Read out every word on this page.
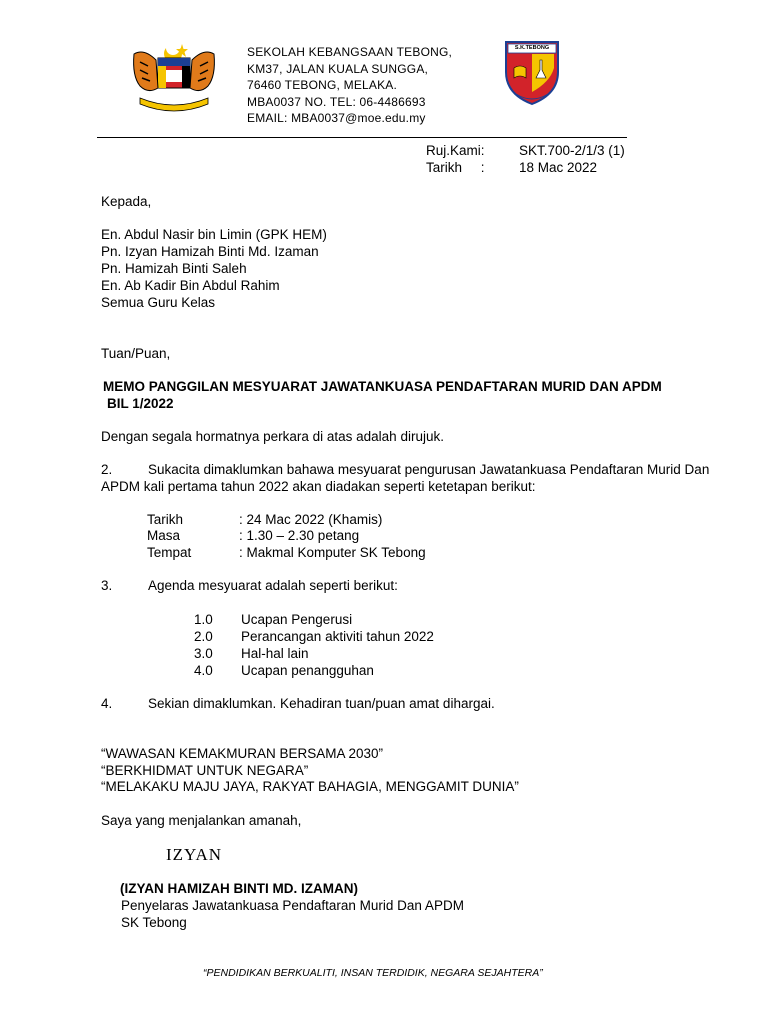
SEKOLAH KEBANGSAAN TEBONG,
KM37, JALAN KUALA SUNGGA,
76460 TEBONG, MELAKA.
MBA0037 NO. TEL: 06-4486693
EMAIL: MBA0037@moe.edu.my
S.K.TEBONG
Ruj.Kami:	SKT.700-2/1/3 (1)
Tarikh     :	18 Mac 2022
Kepada,
En. Abdul Nasir bin Limin (GPK HEM)
Pn. Izyan Hamizah Binti Md. Izaman
Pn. Hamizah Binti Saleh
En. Ab Kadir Bin Abdul Rahim
Semua Guru Kelas
Tuan/Puan,
MEMO PANGGILAN MESYUARAT JAWATANKUASA PENDAFTARAN MURID DAN APDM
BIL 1/2022
Dengan segala hormatnya perkara di atas adalah dirujuk.
2.	Sukacita dimaklumkan bahawa mesyuarat pengurusan Jawatankuasa Pendaftaran Murid Dan
APDM kali pertama tahun 2022 akan diadakan seperti ketetapan berikut:
Tarikh	: 24 Mac 2022 (Khamis)
Masa	: 1.30 – 2.30 petang
Tempat	: Makmal Komputer SK Tebong
3.	Agenda mesyuarat adalah seperti berikut:
1.0 Ucapan Pengerusi
2.0 Perancangan aktiviti tahun 2022
3.0 Hal-hal lain
4.0 Ucapan penangguhan
4.	Sekian dimaklumkan. Kehadiran tuan/puan amat dihargai.
“WAWASAN KEMAKMURAN BERSAMA 2030”
“BERKHIDMAT UNTUK NEGARA”
“MELAKAKU MAJU JAYA, RAKYAT BAHAGIA, MENGGAMIT DUNIA”
Saya yang menjalankan amanah,
IZYAN
(IZYAN HAMIZAH BINTI MD. IZAMAN)
Penyelaras Jawatankuasa Pendaftaran Murid Dan APDM
SK Tebong
“PENDIDIKAN BERKUALITI, INSAN TERDIDIK, NEGARA SEJAHTERA”
